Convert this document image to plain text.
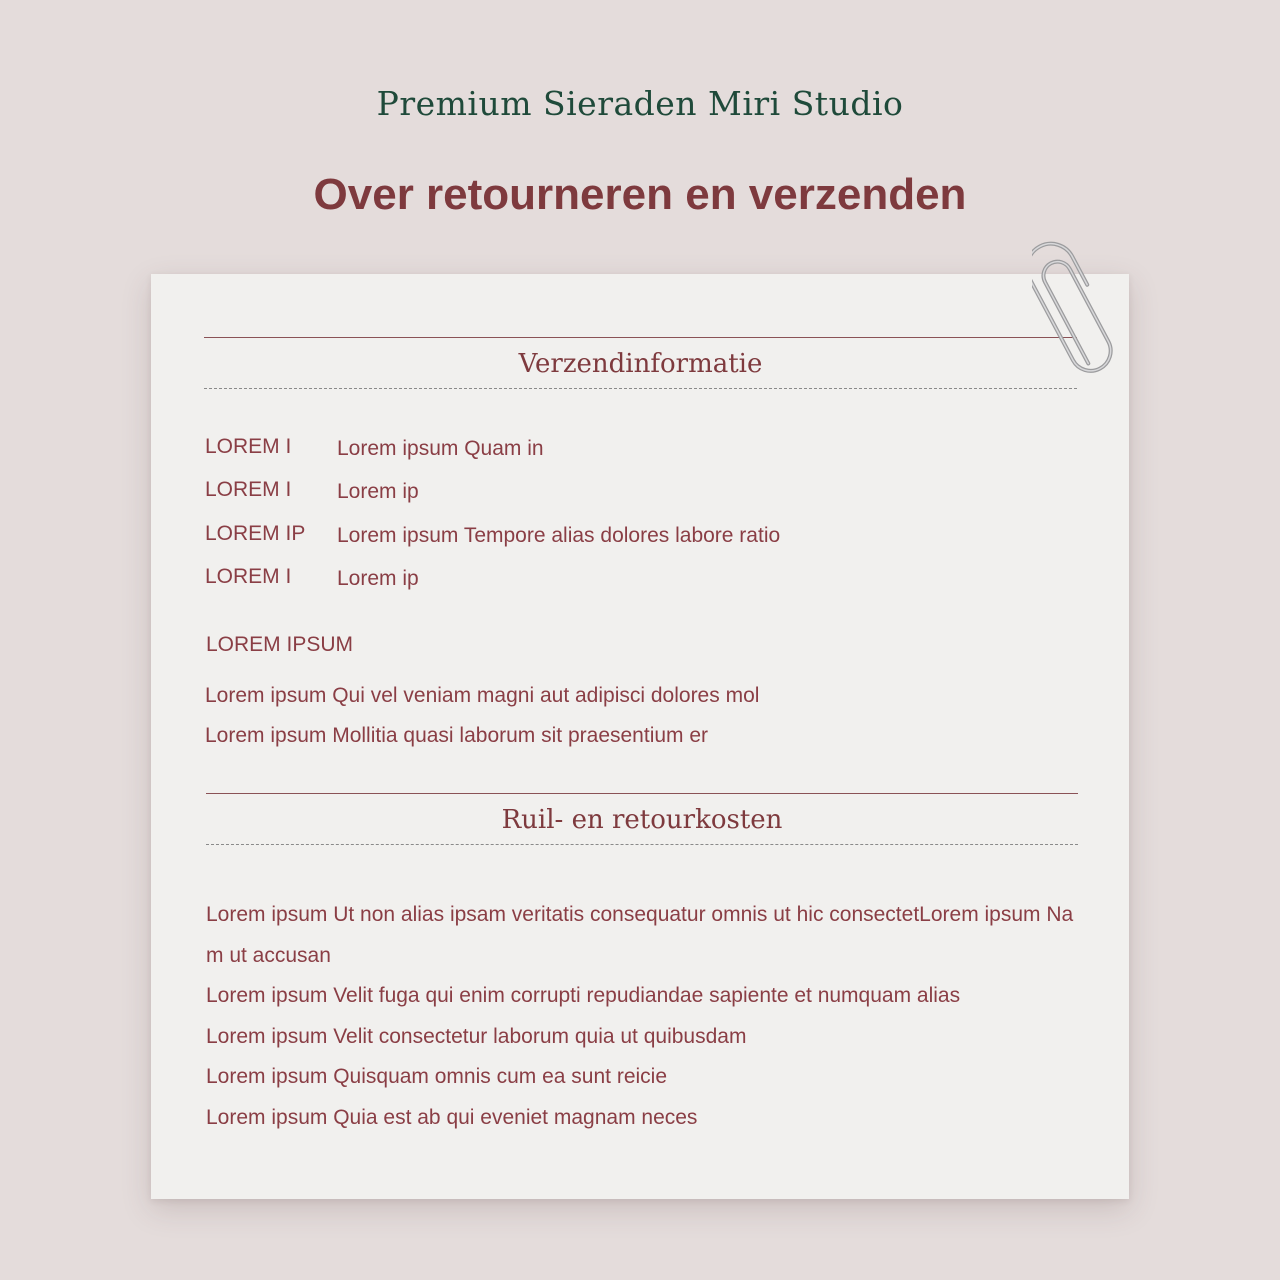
Premium Sieraden Miri Studio
Over retourneren en verzenden
Verzendinformatie
LOREM I Lorem ipsum Quam in
LOREM I Lorem ip
LOREM IP Lorem ipsum Tempore alias dolores labore ratio
LOREM I Lorem ip
LOREM IPSUM
Lorem ipsum Qui vel veniam magni aut adipisci dolores mol
Lorem ipsum Mollitia quasi laborum sit praesentium er
Ruil- en retourkosten
Lorem ipsum Ut non alias ipsam veritatis consequatur omnis ut hic consectetLorem ipsum Nam ut accusan
Lorem ipsum Velit fuga qui enim corrupti repudiandae sapiente et numquam alias
Lorem ipsum Velit consectetur laborum quia ut quibusdam
Lorem ipsum Quisquam omnis cum ea sunt reicie
Lorem ipsum Quia est ab qui eveniet magnam neces
